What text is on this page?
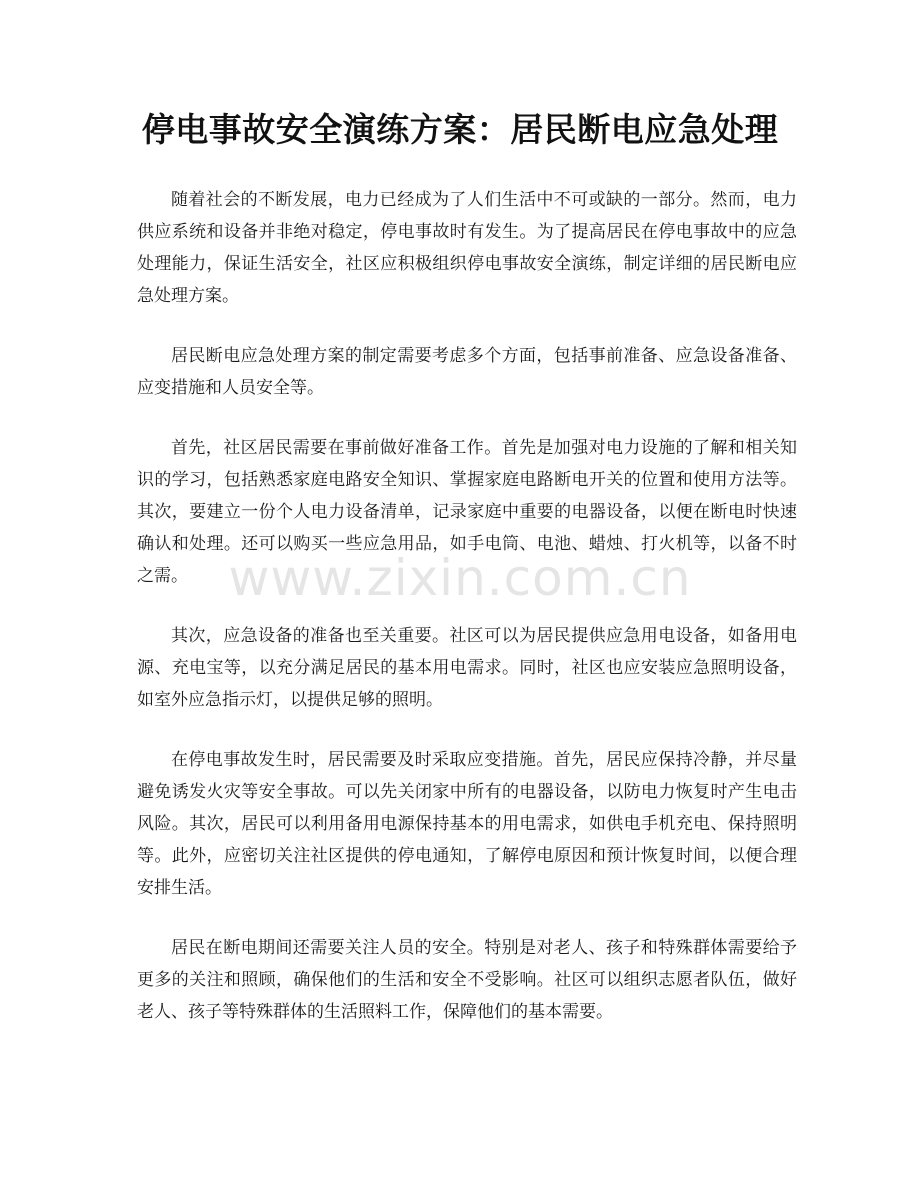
停电事故安全演练方案：居民断电应急处理

随着社会的不断发展，电力已经成为了人们生活中不可或缺的一部分。然而，电力供应系统和设备并非绝对稳定，停电事故时有发生。为了提高居民在停电事故中的应急处理能力，保证生活安全，社区应积极组织停电事故安全演练，制定详细的居民断电应急处理方案。

居民断电应急处理方案的制定需要考虑多个方面，包括事前准备、应急设备准备、应变措施和人员安全等。

首先，社区居民需要在事前做好准备工作。首先是加强对电力设施的了解和相关知识的学习，包括熟悉家庭电路安全知识、掌握家庭电路断电开关的位置和使用方法等。其次，要建立一份个人电力设备清单，记录家庭中重要的电器设备，以便在断电时快速确认和处理。还可以购买一些应急用品，如手电筒、电池、蜡烛、打火机等，以备不时之需。

其次，应急设备的准备也至关重要。社区可以为居民提供应急用电设备，如备用电源、充电宝等，以充分满足居民的基本用电需求。同时，社区也应安装应急照明设备，如室外应急指示灯，以提供足够的照明。

在停电事故发生时，居民需要及时采取应变措施。首先，居民应保持冷静，并尽量避免诱发火灾等安全事故。可以先关闭家中所有的电器设备，以防电力恢复时产生电击风险。其次，居民可以利用备用电源保持基本的用电需求，如供电手机充电、保持照明等。此外，应密切关注社区提供的停电通知，了解停电原因和预计恢复时间，以便合理安排生活。

居民在断电期间还需要关注人员的安全。特别是对老人、孩子和特殊群体需要给予更多的关注和照顾，确保他们的生活和安全不受影响。社区可以组织志愿者队伍，做好老人、孩子等特殊群体的生活照料工作，保障他们的基本需要。

www.zixin.com.cn
